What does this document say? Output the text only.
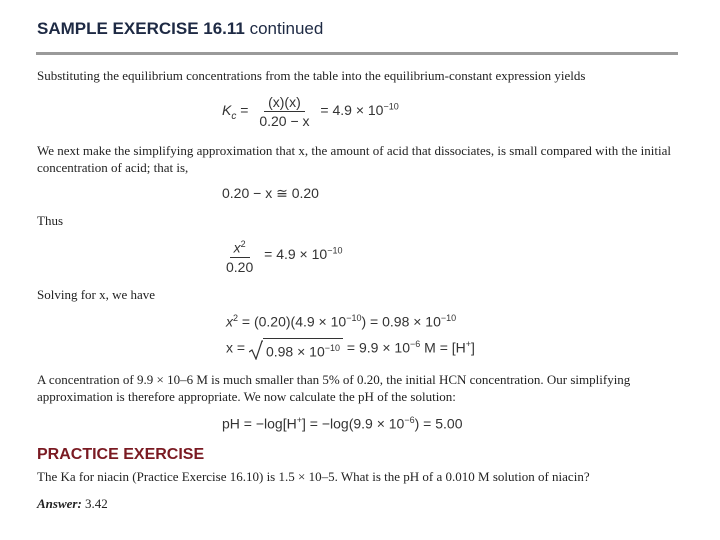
SAMPLE EXERCISE 16.11 continued
Substituting the equilibrium concentrations from the table into the equilibrium-constant expression yields
$K_c = \frac{(x)(x)}{0.20 - x} = 4.9 \times 10^{-10}$
We next make the simplifying approximation that x, the amount of acid that dissociates, is small compared with the initial concentration of acid; that is,
0.20 − x ≅ 0.20
Thus
$\frac{x^2}{0.20} = 4.9 \times 10^{-10}$
Solving for x, we have
$x^2 = (0.20)(4.9 \times 10^{-10}) = 0.98 \times 10^{-10}$
$x = 0.98 \times 10^{-10} = 9.9 \times 10^{-6}$ M = [H+]
A concentration of 9.9 × 10–6 M is much smaller than 5% of 0.20, the initial HCN concentration. Our simplifying approximation is therefore appropriate. We now calculate the pH of the solution:
pH = $-\log[H^+] = -\log(9.9 \times 10^{-6}) = 5.00$
PRACTICE EXERCISE
The Ka for niacin (Practice Exercise 16.10) is 1.5 × 10–5. What is the pH of a 0.010 M solution of niacin?
Answer: 3.42
